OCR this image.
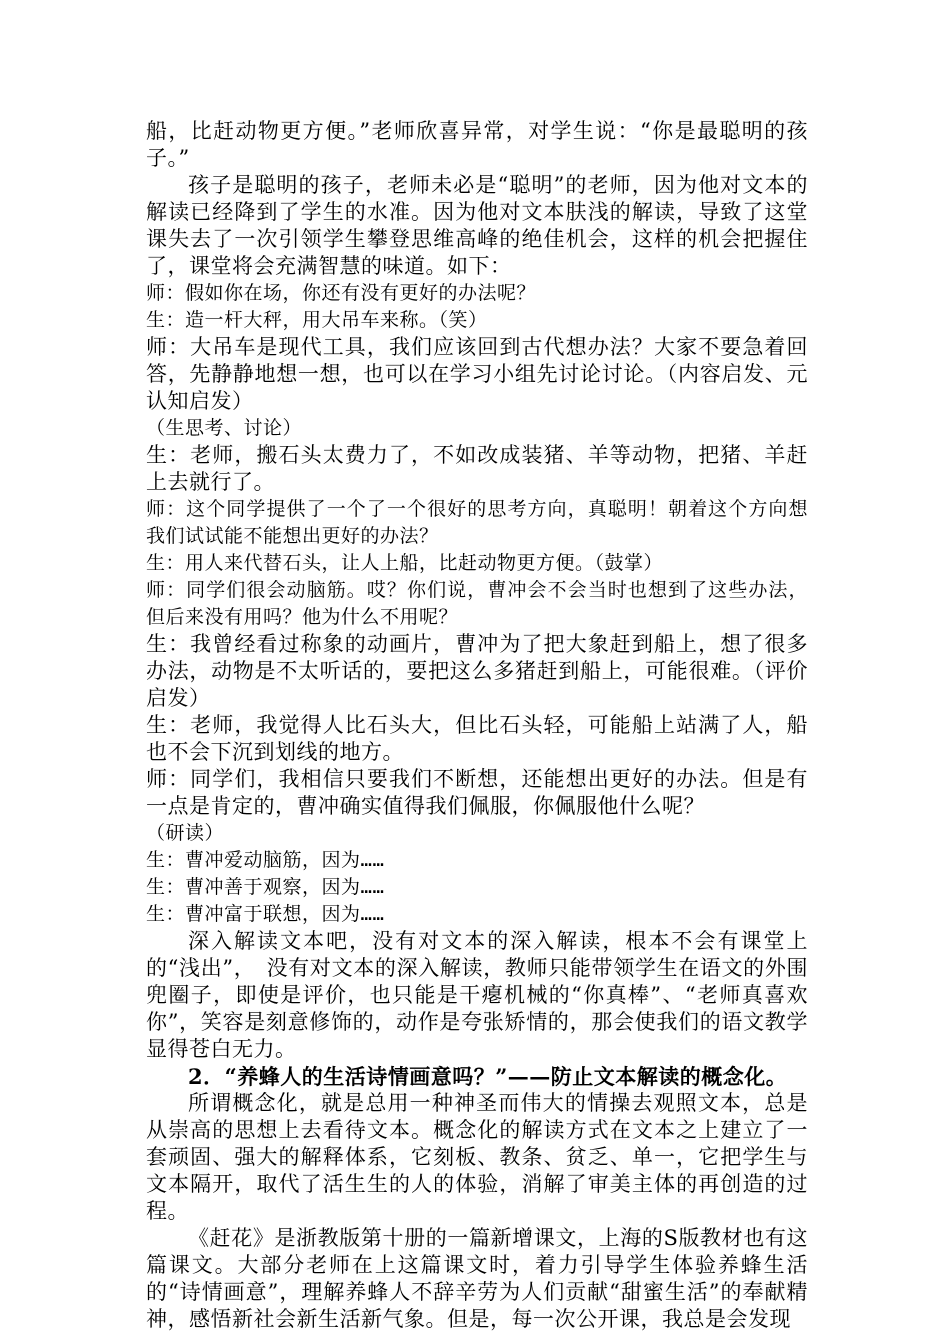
船，比赶动物更方便。”老师欣喜异常，对学生说：“你是最聪明的孩子。”

孩子是聪明的孩子，老师未必是“聪明”的老师，因为他对文本的解读已经降到了学生的水准。因为他对文本肤浅的解读，导致了这堂课失去了一次引领学生攀登思维高峰的绝佳机会，这样的机会把握住了，课堂将会充满智慧的味道。如下：

师：假如你在场，你还有没有更好的办法呢？

生：造一杆大秤，用大吊车来称。（笑）

师：大吊车是现代工具，我们应该回到古代想办法？大家不要急着回答，先静静地想一想，也可以在学习小组先讨论讨论。（内容启发、元认知启发）

（生思考、讨论）

生：老师，搬石头太费力了，不如改成装猪、羊等动物，把猪、羊赶上去就行了。

师：这个同学提供了一个了一个很好的思考方向，真聪明！朝着这个方向想我们试试能不能想出更好的办法？

生：用人来代替石头，让人上船，比赶动物更方便。（鼓掌）

师：同学们很会动脑筋。哎？你们说，曹冲会不会当时也想到了这些办法，但后来没有用吗？他为什么不用呢？

生：我曾经看过称象的动画片，曹冲为了把大象赶到船上，想了很多办法，动物是不太听话的，要把这么多猪赶到船上，可能很难。（评价启发）

生：老师，我觉得人比石头大，但比石头轻，可能船上站满了人，船也不会下沉到划线的地方。

师：同学们，我相信只要我们不断想，还能想出更好的办法。但是有一点是肯定的，曹冲确实值得我们佩服，你佩服他什么呢？

（研读）

生：曹冲爱动脑筋，因为……

生：曹冲善于观察，因为……

生：曹冲富于联想，因为……

深入解读文本吧，没有对文本的深入解读，根本不会有课堂上的“浅出”，　没有对文本的深入解读，教师只能带领学生在语文的外围兜圈子，即使是评价，也只能是干瘪机械的“你真棒”、“老师真喜欢你”，笑容是刻意修饰的，动作是夸张矫情的，那会使我们的语文教学显得苍白无力。

2．“养蜂人的生活诗情画意吗？”——防止文本解读的概念化。

所谓概念化，就是总用一种神圣而伟大的情操去观照文本，总是从崇高的思想上去看待文本。概念化的解读方式在文本之上建立了一套顽固、强大的解释体系，它刻板、教条、贫乏、单一，它把学生与文本隔开，取代了活生生的人的体验，消解了审美主体的再创造的过程。

《赶花》是浙教版第十册的一篇新增课文，上海的S版教材也有这篇课文。大部分老师在上这篇课文时，着力引导学生体验养蜂生活的“诗情画意”，理解养蜂人不辞辛劳为人们贡献“甜蜜生活”的奉献精神，感悟新社会新生活新气象。但是，每一次公开课，我总是会发现
